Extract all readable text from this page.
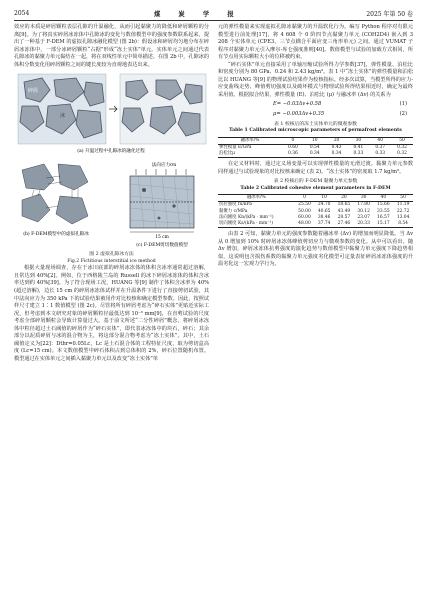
2054	煤 炭 学 报	2025 年第 50 卷

效应的本质是碎屑颗粒表层孔隙的升温融化，从而引起黏聚力的降低和碎屑颗粒的分离[9]。为了将真实碎屑冰冻体中孔隙冰的变化与数值模型中的强度参数联系起来，提出了一种基于 F-DEM 的虚拟孔隙冰融化模型 (图 2b)：假设冰和碎屑均匀地分布在碎屑冰冻体中，一部分冰碎屑颗粒“占据”形成“冻土实体”单元。实体单元之间通过代表孔隙冰的黏聚力单元黏结在一起，将在双线性单元中简单描述。在图 2b 中，孔隙冰的体积分数变化用碎屑颗粒之间的键长度较为直观地表达出来。

冰
碎屑
(a) 升温过程中孔隙冰的融化过程

(b) F-DEM模型中的虚拟孔隙冰
法向应力σn
15 cm
(c) F-DEM剪切数值模型

图 2 虚拟孔隙冰方法

Fig.2 Fictitious interstitial ice method

根据大量现场调查，存在于冰川底部的碎屑冰冻体的体积含冰率通常超过溶解，且常达到 40%[2]。例如，位于西格陵兰岛的 Russell 的冰下碎屑冰冻体的体积含冰率达到约 40%[39]。为了符合现场工况，HUANG 等[9] 制作了体积含冰率为 40%(超过溶解)，边长 15 cm 的碎屑冰冻体试样并在升温条件下进行了直接剪切试验，其中法向应力为 350 kPa 下的试验结果被用作对比校核和确定模型参数。因此，按照试样尺寸建立 1∶1 数值模型 (图 2c)。尽管将所有碎屑考虑为“碎石实体”更贴近实际工况，但考虑到本文研究对象的碎屑颗粒径最低达到 10⁻³ mm[9]，在直剪试验的尺度考虑全部碎屑颗粒会导致计算量过大。基于前文所述“二分性碎屑”概念，将碎屑冰冻体中粒径超过土石阈值的碎屑作为“碎石实体”，即代表冰冻体中的块石，碎石；其余部分以泥质碎屑与冰的混合物为主，将这部分混合物考虑为“冻土实体”。其中，土石阈值定义为[22]：Dthr=0.05Lc，Lc 是土石混合体的工程特征尺度，取为剪切盒高度 (Lc=15 cm)。本文数值模型中碎石体积占到总体积的 2%，碎石位置随机布置。模型通过在实体单元之间插入黏聚力单元以及改变“冻土实体”单

元的弹性模量来实现虚拟孔隙冰黏聚力的升温软化行为。编写 Python 程序对有限元模型进行前处理[17]，将 4 608 个 0 阶四节点黏聚力单元 (COH2D4) 嵌入到 3 208 个实体单元 (CPE3，三节点耦合平面应变三角形单元) 之间。通过 VUMAT 子程序对黏聚力单元引入摩尔-库仑强度准则[40]。数值模型与试验的加载方式相同，所有节点用实际颗粒大小的位移被约束。

“碎石实体”单元直接采用了单轴压缩试验所得力学参数[37]，弹性模量、泊松比和密度分别为 80 GPa、0.24 和 2.43 kg/m³。表 1 中“冻土实体”的弹性模量和泊松比以 HUANG 等[9] 的物理试验结果作为校核指标。经多次试算，当模型所得的应力-应变曲线走势、峰值剪切强度以及破坏模式与物理试验所得结果相近时，确定为最终采用值。根据拟合结果，弹性模量 (E)、泊松比 (μ) 与融冰率 (Δv) 的关系为

E= −0.03Δv+0.58	(1)
μ= −0.003Δv+0.35	(2)

表 1 校核后的冻土实体单元的微观参数

Table 1 Calibrated microscopic parameters of permafrost elements

融冰率/%	0	10	20	30	40	50
弹性模量 E/GPa	0.60	0.54	0.43	0.41	0.37	0.32
泊松比μ	0.36	0.34	0.34	0.33	0.33	0.32

在定义材料时，通过定义场变量可以实现弹性模量的无滑过渡。黏聚力单元参数同样通过与试验现象的对比校核来确定 (表 2)。“冻土实体”的密度取 1.7 kg/m³。

表 2 校核后的 F-DEM 黏聚力单元参数

Table 2 Calibrated cohesive element parameters in F-DEM

融冰率/%	0	10	20	30	40	50
抗拉强度 fu/kPa	25.50	24.70	18.65	17.80	15.66	11.19
黏聚力 c/MPa	50.00	40.65	43.49	30.12	33.55	22.72
法向刚度 Kn/(kPa · mm⁻¹)	60.00	38.46	28.57	23.07	16.57	13.04
切向刚度 Ks/(kPa · mm⁻¹)	48.00	37.74	27.46	20.33	15.17	8.54

由表 2 可知，黏聚力单元的强度参数随着融冰率 (Δv) 的增加而明显降低。当 Δv 从 0 增加到 10% 时碎屑冰冻体峰值剪切应力与微观参数的变化。从中可以看出，随 Δv 增加，碎屑冰冻体抗剪强度的演化趋势与数值模型中黏聚力单元强度下降趋势相似，这说明包含损伤系数的黏聚力单元强度劣化模型可定量表征碎屑冰冻体强度的升温劣化这一宏观力学行为。
